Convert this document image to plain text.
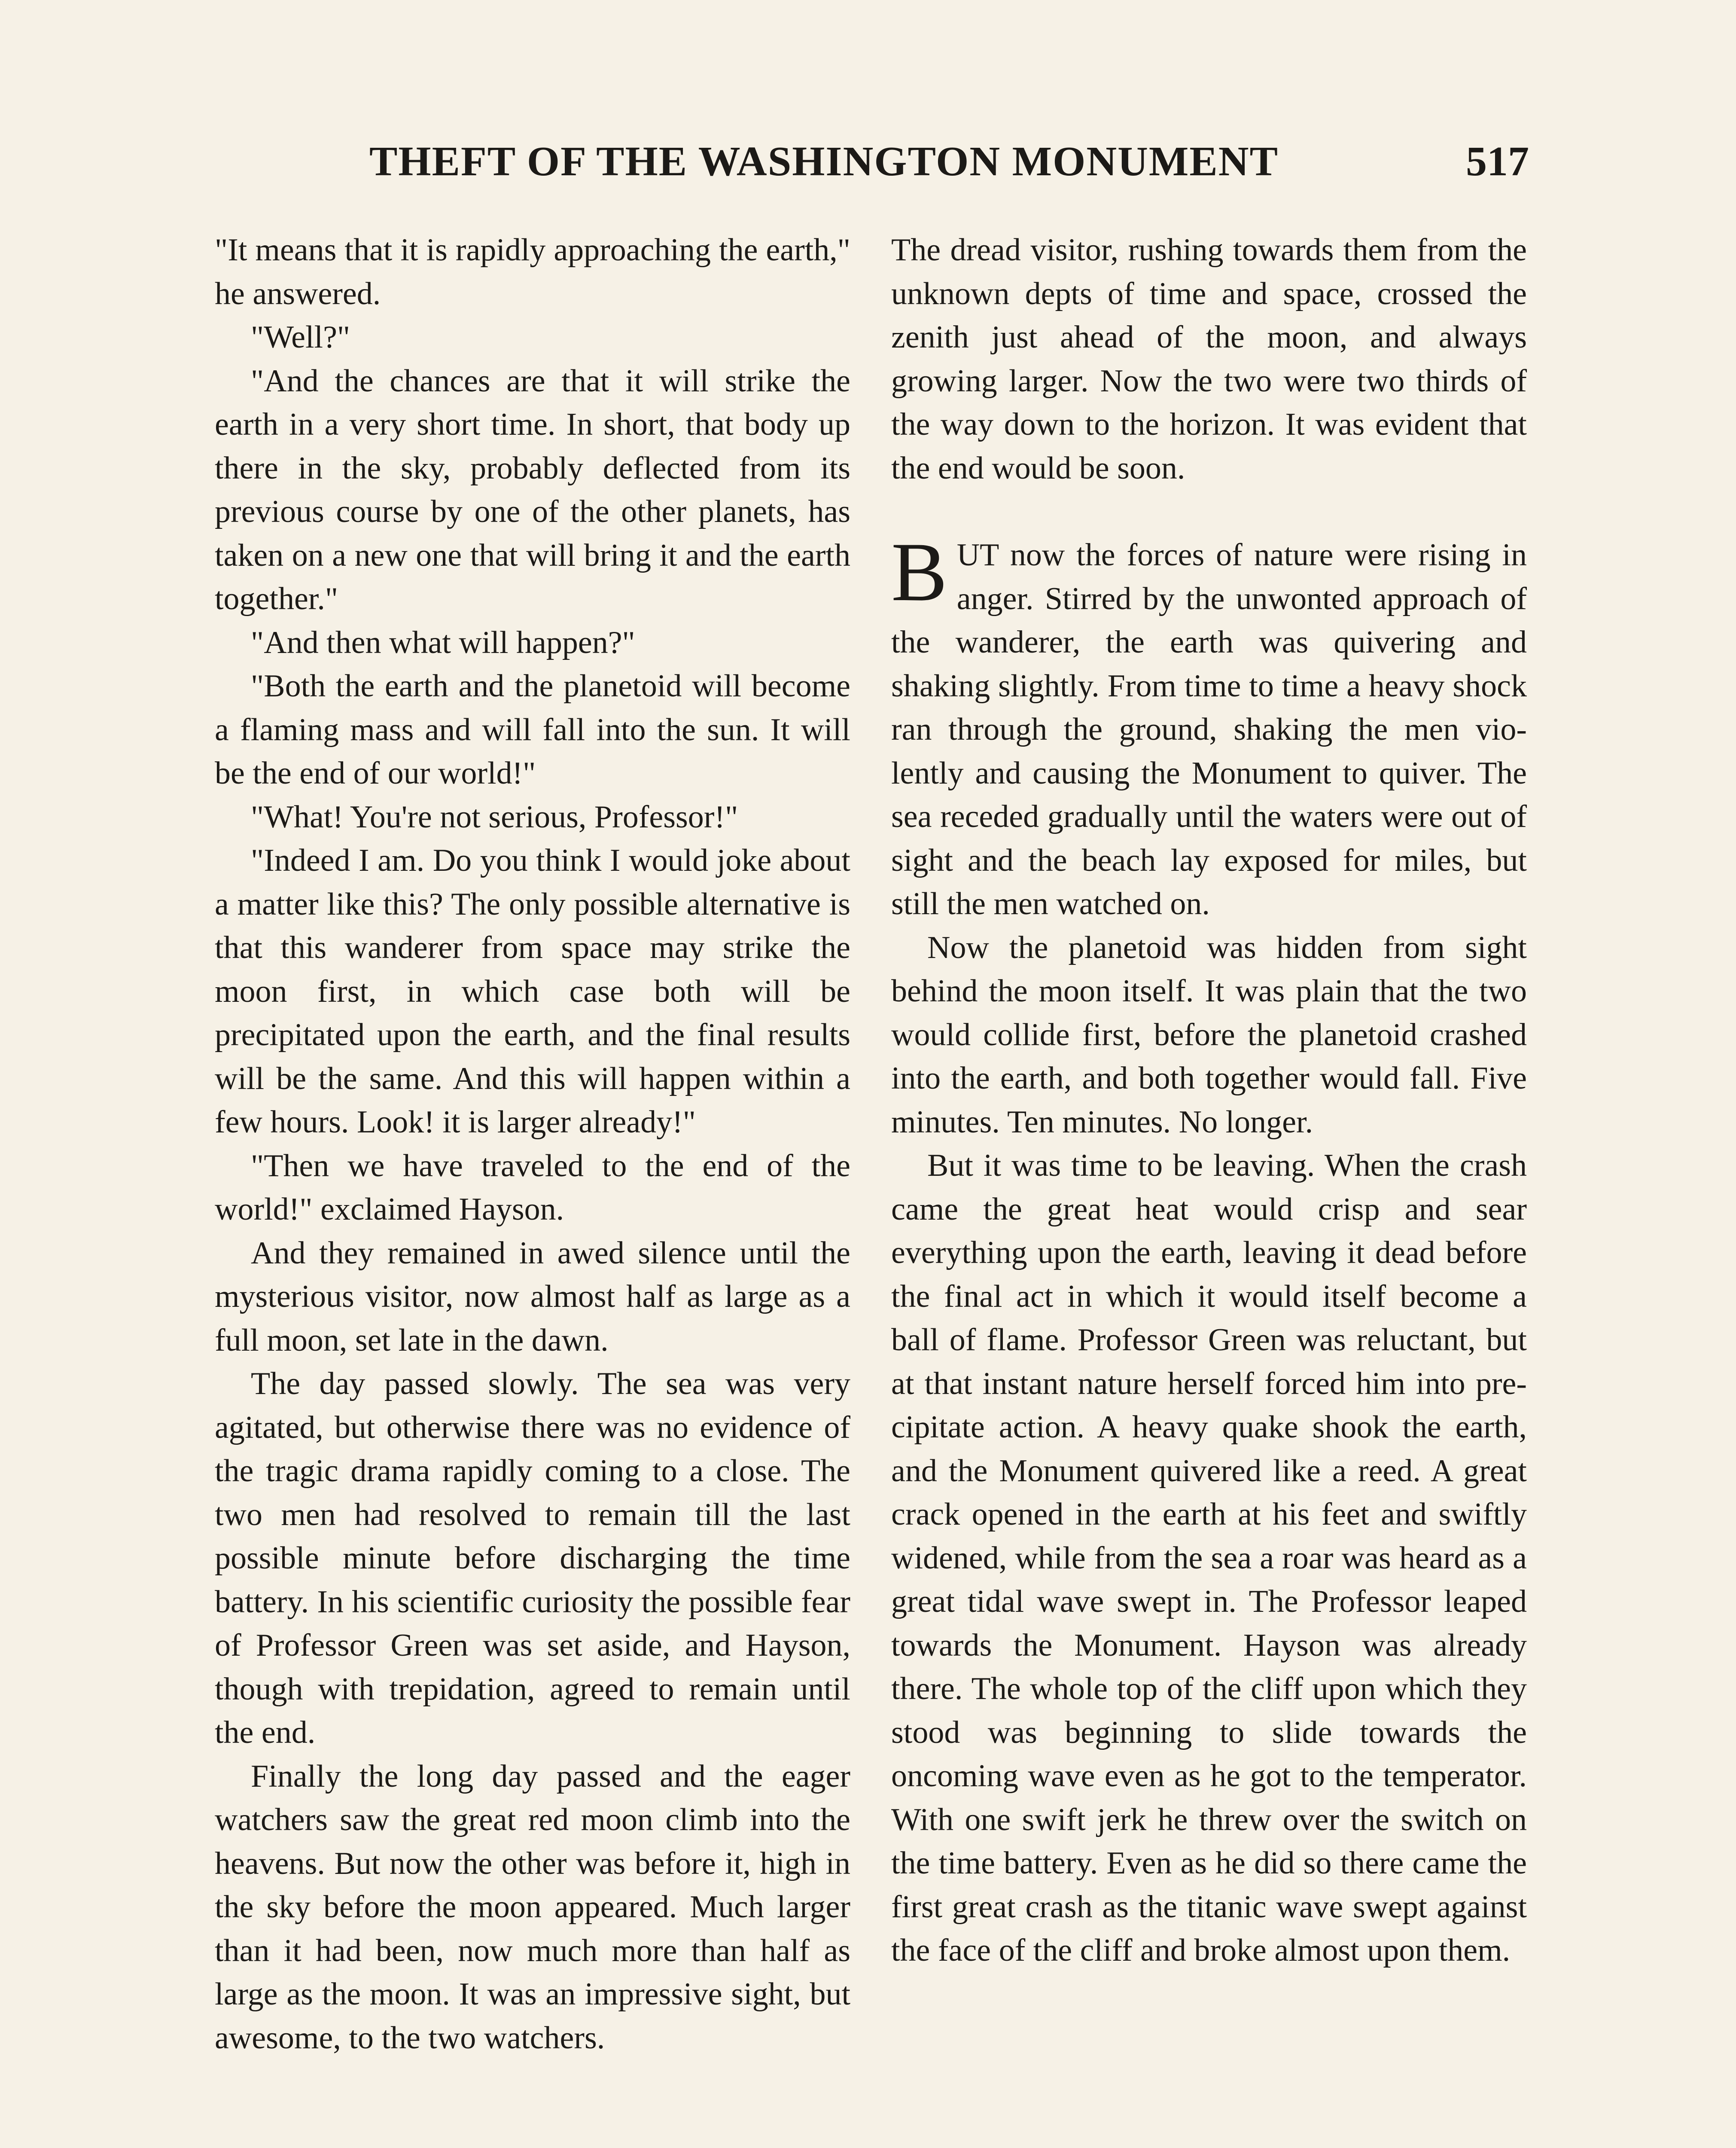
THEFT OF THE WASHINGTON MONUMENT	517

"It means that it is rapidly approaching the earth," he answered.

"Well?"

"And the chances are that it will strike the earth in a very short time. In short, that body up there in the sky, probably deflected from its previous course by one of the other planets, has taken on a new one that will bring it and the earth together."

"And then what will happen?"

"Both the earth and the planetoid will become a flaming mass and will fall into the sun. It will be the end of our world!"

"What! You're not serious, Professor!"

"Indeed I am. Do you think I would joke about a matter like this? The only possible alternative is that this wanderer from space may strike the moon first, in which case both will be precipitated upon the earth, and the final results will be the same. And this will happen within a few hours. Look! it is larger already!"

"Then we have traveled to the end of the world!" exclaimed Hayson.

And they remained in awed silence until the mysterious visitor, now almost half as large as a full moon, set late in the dawn.

The day passed slowly. The sea was very agitated, but otherwise there was no evidence of the tragic drama rapidly coming to a close. The two men had resolved to remain till the last possible minute before discharging the time battery. In his scientific curiosity the possible fear of Professor Green was set aside, and Hayson, though with trepidation, agreed to remain until the end.

Finally the long day passed and the eager watchers saw the great red moon climb into the heavens. But now the other was before it, high in the sky before the moon appeared. Much larger than it had been, now much more than half as large as the moon. It was an impressive sight, but awesome, to the two watchers.

The dread visitor, rushing towards them from the unknown depts of time and space, crossed the zenith just ahead of the moon, and always growing larger. Now the two were two thirds of the way down to the horizon. It was evident that the end would be soon.

BUT now the forces of nature were rising in anger. Stirred by the unwonted approach of the wanderer, the earth was quivering and shaking slightly. From time to time a heavy shock ran through the ground, shaking the men violently and causing the Monument to quiver. The sea receded gradually until the waters were out of sight and the beach lay exposed for miles, but still the men watched on.

Now the planetoid was hidden from sight behind the moon itself. It was plain that the two would collide first, before the planetoid crashed into the earth, and both together would fall. Five minutes. Ten minutes. No longer.

But it was time to be leaving. When the crash came the great heat would crisp and sear everything upon the earth, leaving it dead before the final act in which it would itself become a ball of flame. Professor Green was reluctant, but at that instant nature herself forced him into precipitate action. A heavy quake shook the earth, and the Monument quivered like a reed. A great crack opened in the earth at his feet and swiftly widened, while from the sea a roar was heard as a great tidal wave swept in. The Professor leaped towards the Monument. Hayson was already there. The whole top of the cliff upon which they stood was beginning to slide towards the oncoming wave even as he got to the temperator. With one swift jerk he threw over the switch on the time battery. Even as he did so there came the first great crash as the titanic wave swept against the face of the cliff and broke almost upon them.
